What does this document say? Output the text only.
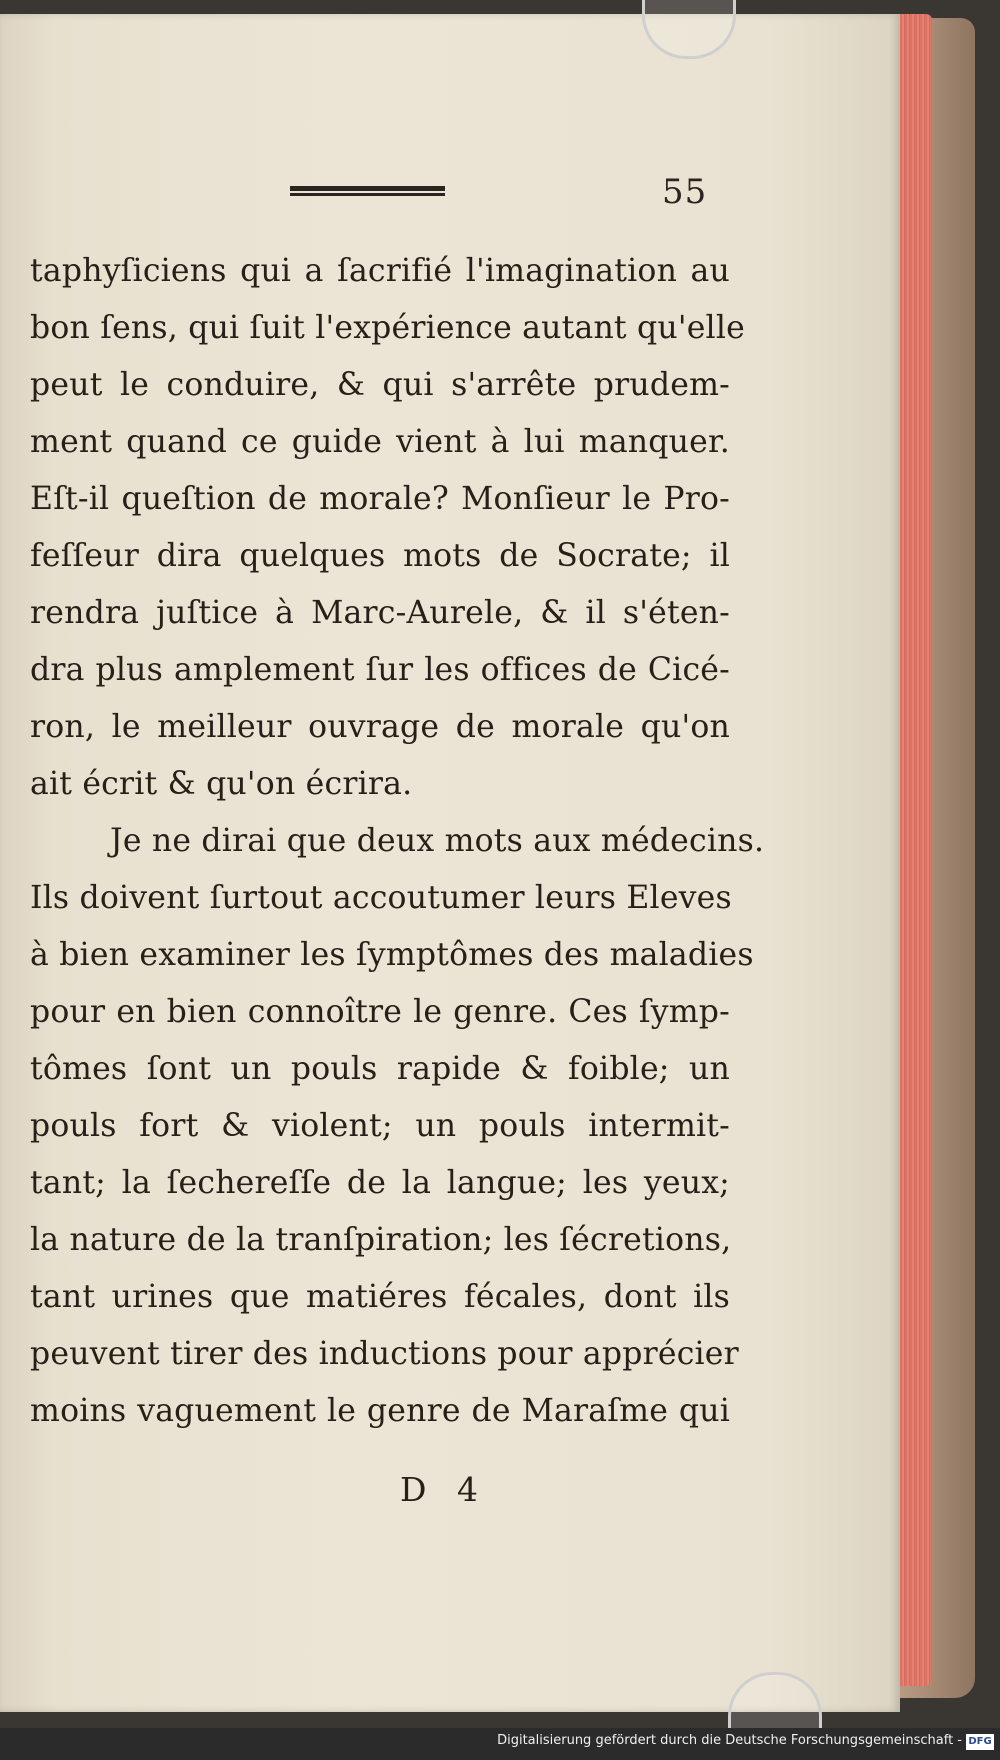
55
taphyſiciens qui a ſacrifié l'imagination au
bon ſens, qui ſuit l'expérience autant qu'elle
peut le conduire, & qui s'arrête prudem-
ment quand ce guide vient à lui manquer.
Eſt-il queſtion de morale? Monſieur le Pro-
feſſeur dira quelques mots de Socrate; il
rendra juſtice à Marc-Aurele, & il s'éten-
dra plus amplement ſur les offices de Cicé-
ron, le meilleur ouvrage de morale qu'on
ait écrit & qu'on écrira.
Je ne dirai que deux mots aux médecins.
Ils doivent ſurtout accoutumer leurs Eleves
à bien examiner les ſymptômes des maladies
pour en bien connoître le genre. Ces ſymp-
tômes ſont un pouls rapide & foible; un
pouls fort & violent; un pouls intermit-
tant; la ſechereſſe de la langue; les yeux;
la nature de la tranſpiration; les ſécretions,
tant urines que matiéres fécales, dont ils
peuvent tirer des inductions pour apprécier
moins vaguement le genre de Maraſme qui
D 4
Digitalisierung gefördert durch die Deutsche Forschungsgemeinschaft - DFG
